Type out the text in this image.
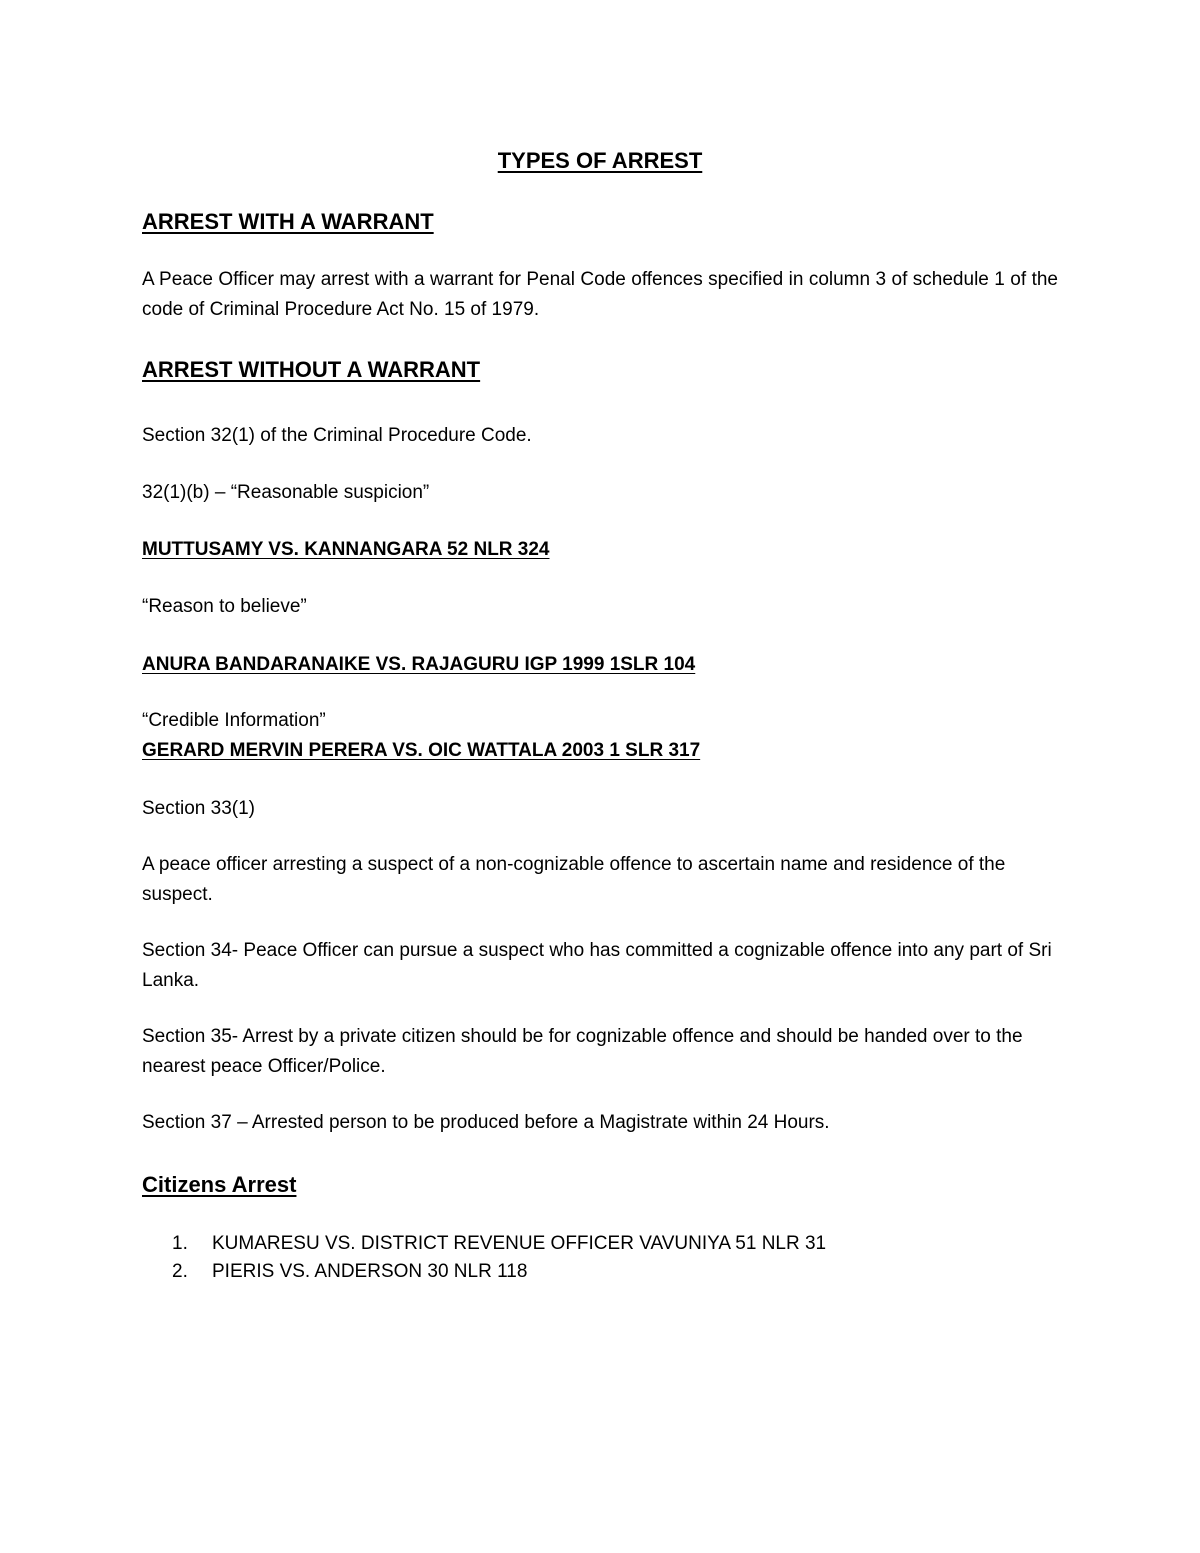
TYPES OF ARREST
ARREST WITH A WARRANT

A Peace Officer may arrest with a warrant for Penal Code offences specified in column 3 of schedule 1 of the code of Criminal Procedure Act No. 15 of 1979.

ARREST WITHOUT A WARRANT

Section 32(1) of the Criminal Procedure Code.

32(1)(b) – “Reasonable suspicion”

MUTTUSAMY VS. KANNANGARA 52 NLR 324

“Reason to believe”

ANURA BANDARANAIKE VS. RAJAGURU IGP 1999 1SLR 104

“Credible Information”

GERARD MERVIN PERERA VS. OIC WATTALA 2003 1 SLR 317

Section 33(1)

A peace officer arresting a suspect of a non-cognizable offence to ascertain name and residence of the suspect.

Section 34- Peace Officer can pursue a suspect who has committed a cognizable offence into any part of Sri Lanka.

Section 35- Arrest by a private citizen should be for cognizable offence and should be handed over to the nearest peace Officer/Police.

Section 37 – Arrested person to be produced before a Magistrate within 24 Hours.

Citizens Arrest
1.	KUMARESU VS. DISTRICT REVENUE OFFICER VAVUNIYA 51 NLR 31
2.	PIERIS VS. ANDERSON 30 NLR 118
